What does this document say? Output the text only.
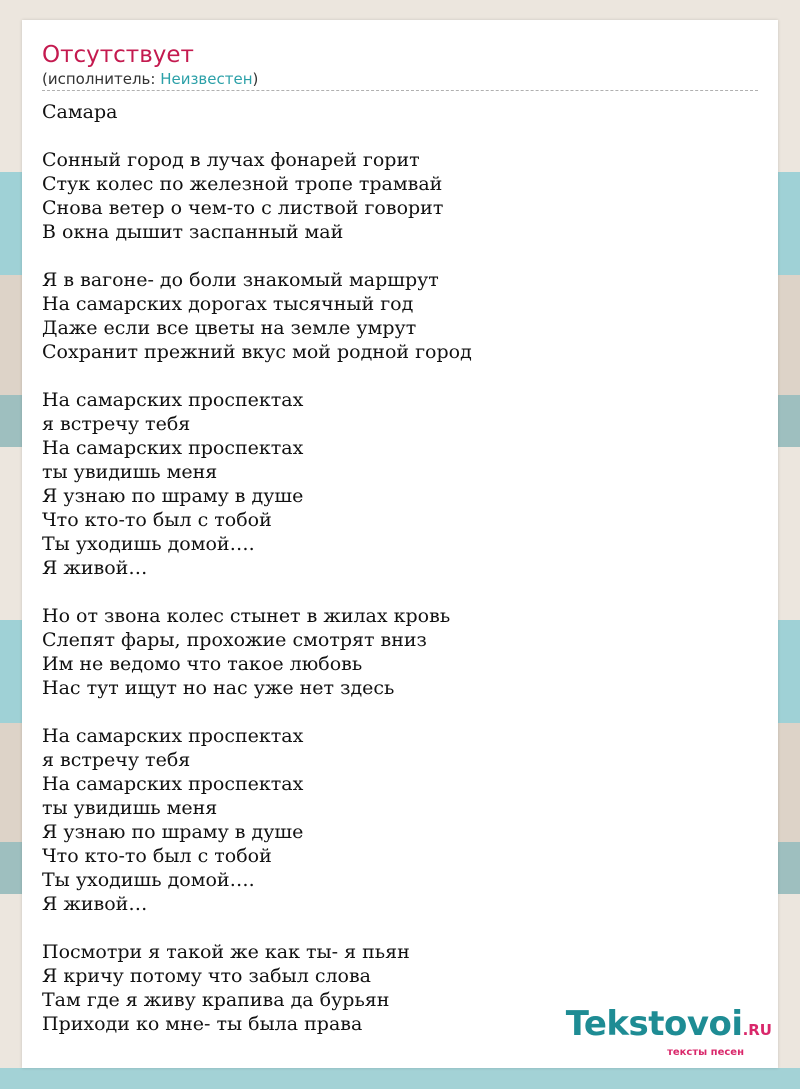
Отсутствует
(исполнитель: Неизвестен)
Самара
Сонный город в лучах фонарей горит
Стук колес по железной тропе трамвай
Снова ветер о чем-то с листвой говорит
В окна дышит заспанный май
Я в вагоне- до боли знакомый маршрут
На самарских дорогах тысячный год
Даже если все цветы на земле умрут
Сохранит прежний вкус мой родной город
На самарских проспектах
я встречу тебя
На самарских проспектах
ты увидишь меня
Я узнаю по шраму в душе
Что кто-то был с тобой
Ты уходишь домой….
Я живой…
Но от звона колес стынет в жилах кровь
Слепят фары, прохожие смотрят вниз
Им не ведомо что такое любовь
Нас тут ищут но нас уже нет здесь
На самарских проспектах
я встречу тебя
На самарских проспектах
ты увидишь меня
Я узнаю по шраму в душе
Что кто-то был с тобой
Ты уходишь домой….
Я живой…
Посмотри я такой же как ты- я пьян
Я кричу потому что забыл слова
Там где я живу крапива да бурьян
Приходи ко мне- ты была права	Tekstovoi.RU
тексты песен
